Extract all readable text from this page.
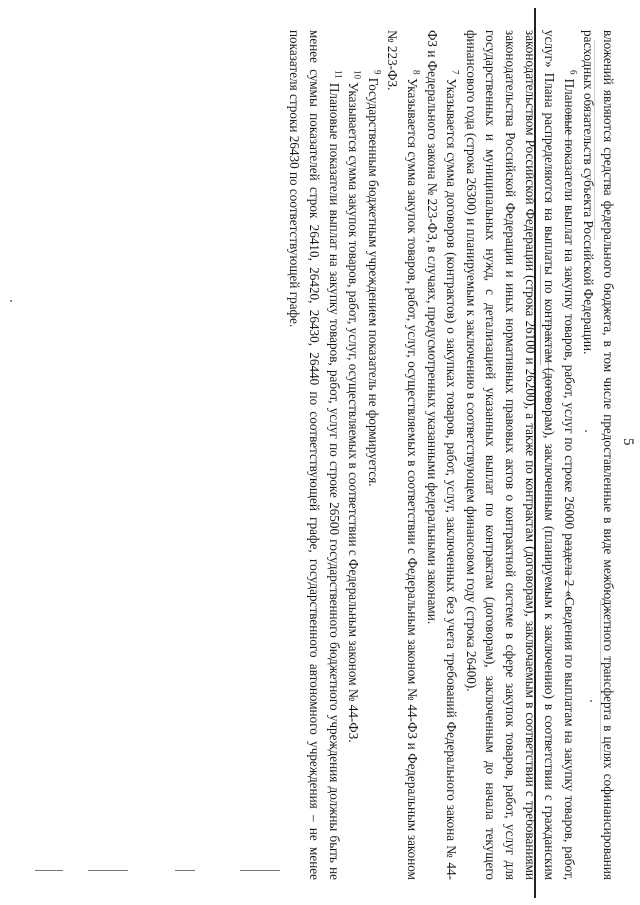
5

вложений являются средства федерального бюджета, в том числе предоставленные в виде межбюджетного трансферта в целях софинансирования расходных обязательств субъекта Российской Федерации.

$^6$ Плановые показатели выплат на закупку товаров, работ, услуг по строке 26000 раздела 2 «Сведения по выплатам на закупку товаров, работ, услуг» Плана распределяются на выплаты по контрактам (договорам), заключенным (планируемым к заключению) в соответствии с гражданским законодательством Российской Федерации (строка 26100 и 26200), а также по контрактам (договорам), заключаемым в соответствии с требованиями законодательства Российской Федерации и иных нормативных правовых актов о контрактной системе в сфере закупок товаров, работ, услуг для государственных и муниципальных нужд, с детализацией указанных выплат по контрактам (договорам), заключенным до начала текущего финансового года (строка 26300) и планируемым к заключению в соответствующем финансовом году (строка 26400).

$^7$ Указывается сумма договоров (контрактов) о закупках товаров, работ, услуг, заключенных без учета требований Федерального закона № 44-ФЗ и Федерального закона № 223-ФЗ, в случаях, предусмотренных указанными федеральными законами.

$^8$ Указывается сумма закупок товаров, работ, услуг, осуществляемых в соответствии с Федеральным законом № 44-ФЗ и Федеральным законом № 223-ФЗ.

$^9$ Государственным бюджетным учреждением показатель не формируется.

$^{10}$ Указывается сумма закупок товаров, работ, услуг, осуществляемых в соответствии с Федеральным законом № 44-ФЗ.

$^{11}$ Плановые показатели выплат на закупку товаров, работ, услуг по строке 26500 государственного бюджетного учреждения должны быть не менее суммы показателей строк 26410, 26420, 26430, 26440 по соответствующей графе, государственного автономного учреждения – не менее показателя строки 26430 по соответствующей графе.
